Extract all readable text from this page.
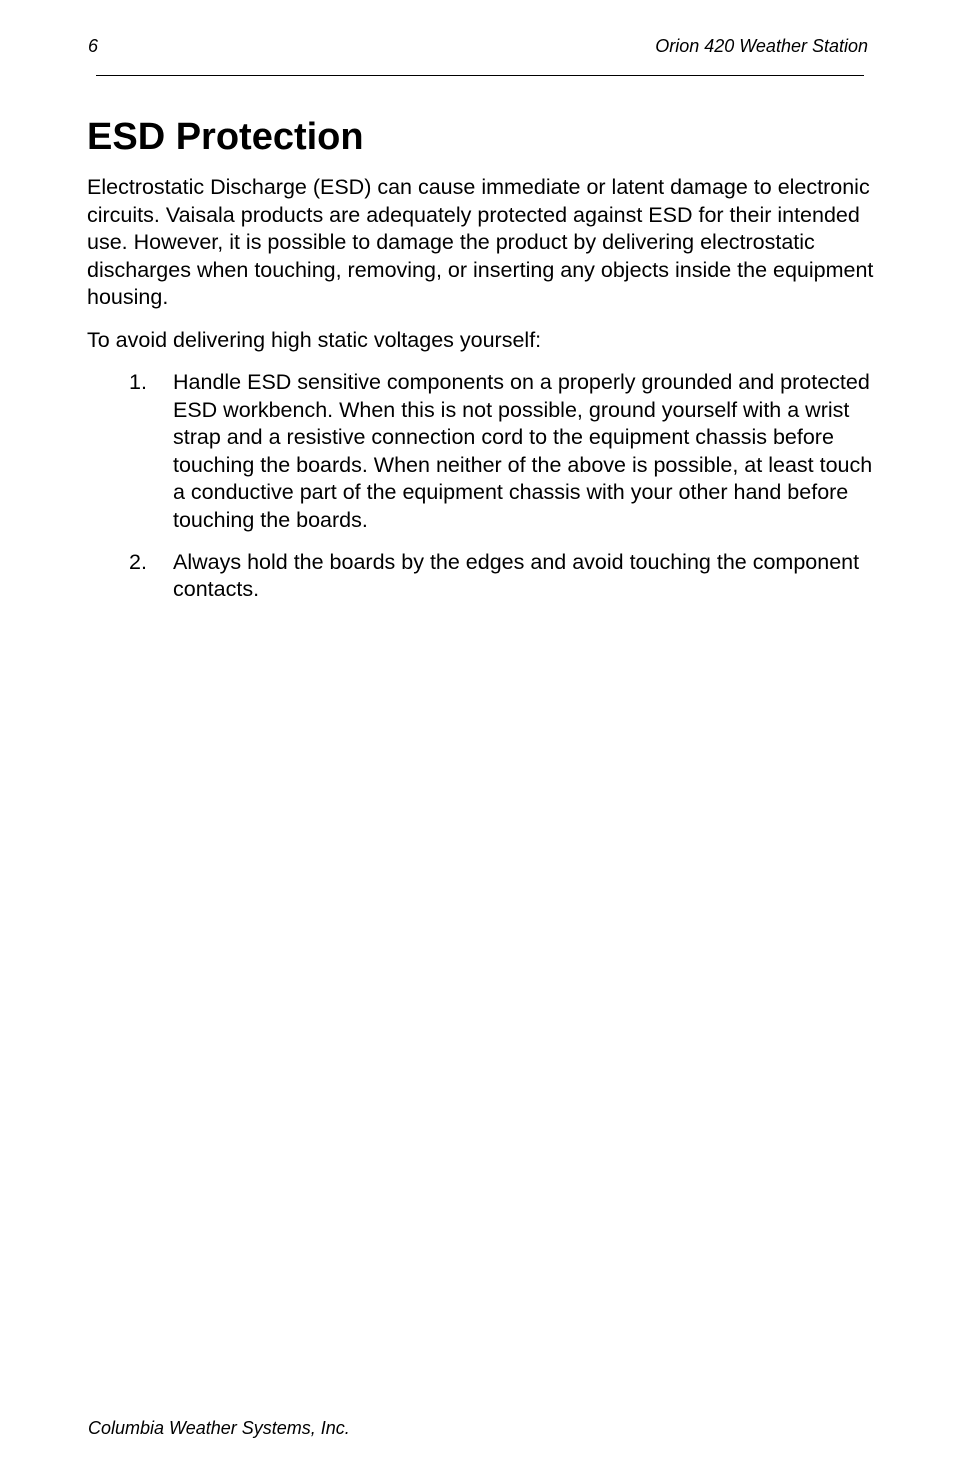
6	Orion 420 Weather Station
ESD Protection

Electrostatic Discharge (ESD) can cause immediate or latent damage to electronic circuits. Vaisala products are adequately protected against ESD for their intended use. However, it is possible to damage the product by delivering electrostatic discharges when touching, removing, or inserting any objects inside the equipment housing.

To avoid delivering high static voltages yourself:

1. Handle ESD sensitive components on a properly grounded and protected ESD workbench. When this is not possible, ground yourself with a wrist strap and a resistive connection cord to the equipment chassis before touching the boards. When neither of the above is possible, at least touch a conductive part of the equipment chassis with your other hand before touching the boards.
2. Always hold the boards by the edges and avoid touching the component contacts.
Columbia Weather Systems, Inc.
